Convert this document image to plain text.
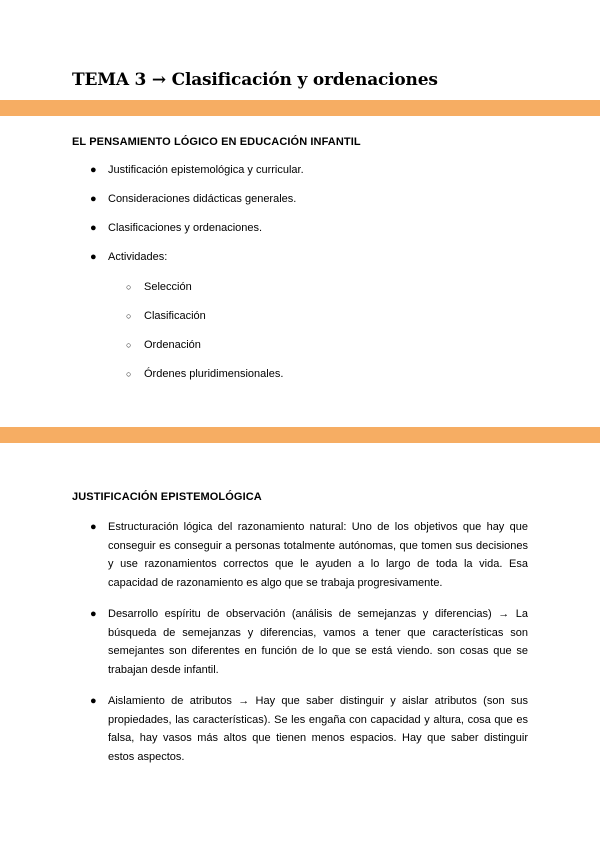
TEMA 3 → Clasificación y ordenaciones
EL PENSAMIENTO LÓGICO EN EDUCACIÓN INFANTIL
●	Justificación epistemológica y curricular.
●	Consideraciones didácticas generales.
●	Clasificaciones y ordenaciones.
●	Actividades:
○ Selección
○ Clasificación
○ Ordenación
○ Órdenes pluridimensionales.
JUSTIFICACIÓN EPISTEMOLÓGICA
● Estructuración lógica del razonamiento natural: Uno de los objetivos que hay que conseguir es conseguir a personas totalmente autónomas, que tomen sus decisiones y use razonamientos correctos que le ayuden a lo largo de toda la vida. Esa capacidad de razonamiento es algo que se trabaja progresivamente.
● Desarrollo espíritu de observación (análisis de semejanzas y diferencias) → La búsqueda de semejanzas y diferencias, vamos a tener que características son semejantes son diferentes en función de lo que se está viendo. son cosas que se trabajan desde infantil.
● Aislamiento de atributos → Hay que saber distinguir y aislar atributos (son sus propiedades, las características). Se les engaña con capacidad y altura, cosa que es falsa, hay vasos más altos que tienen menos espacios. Hay que saber distinguir estos aspectos.
